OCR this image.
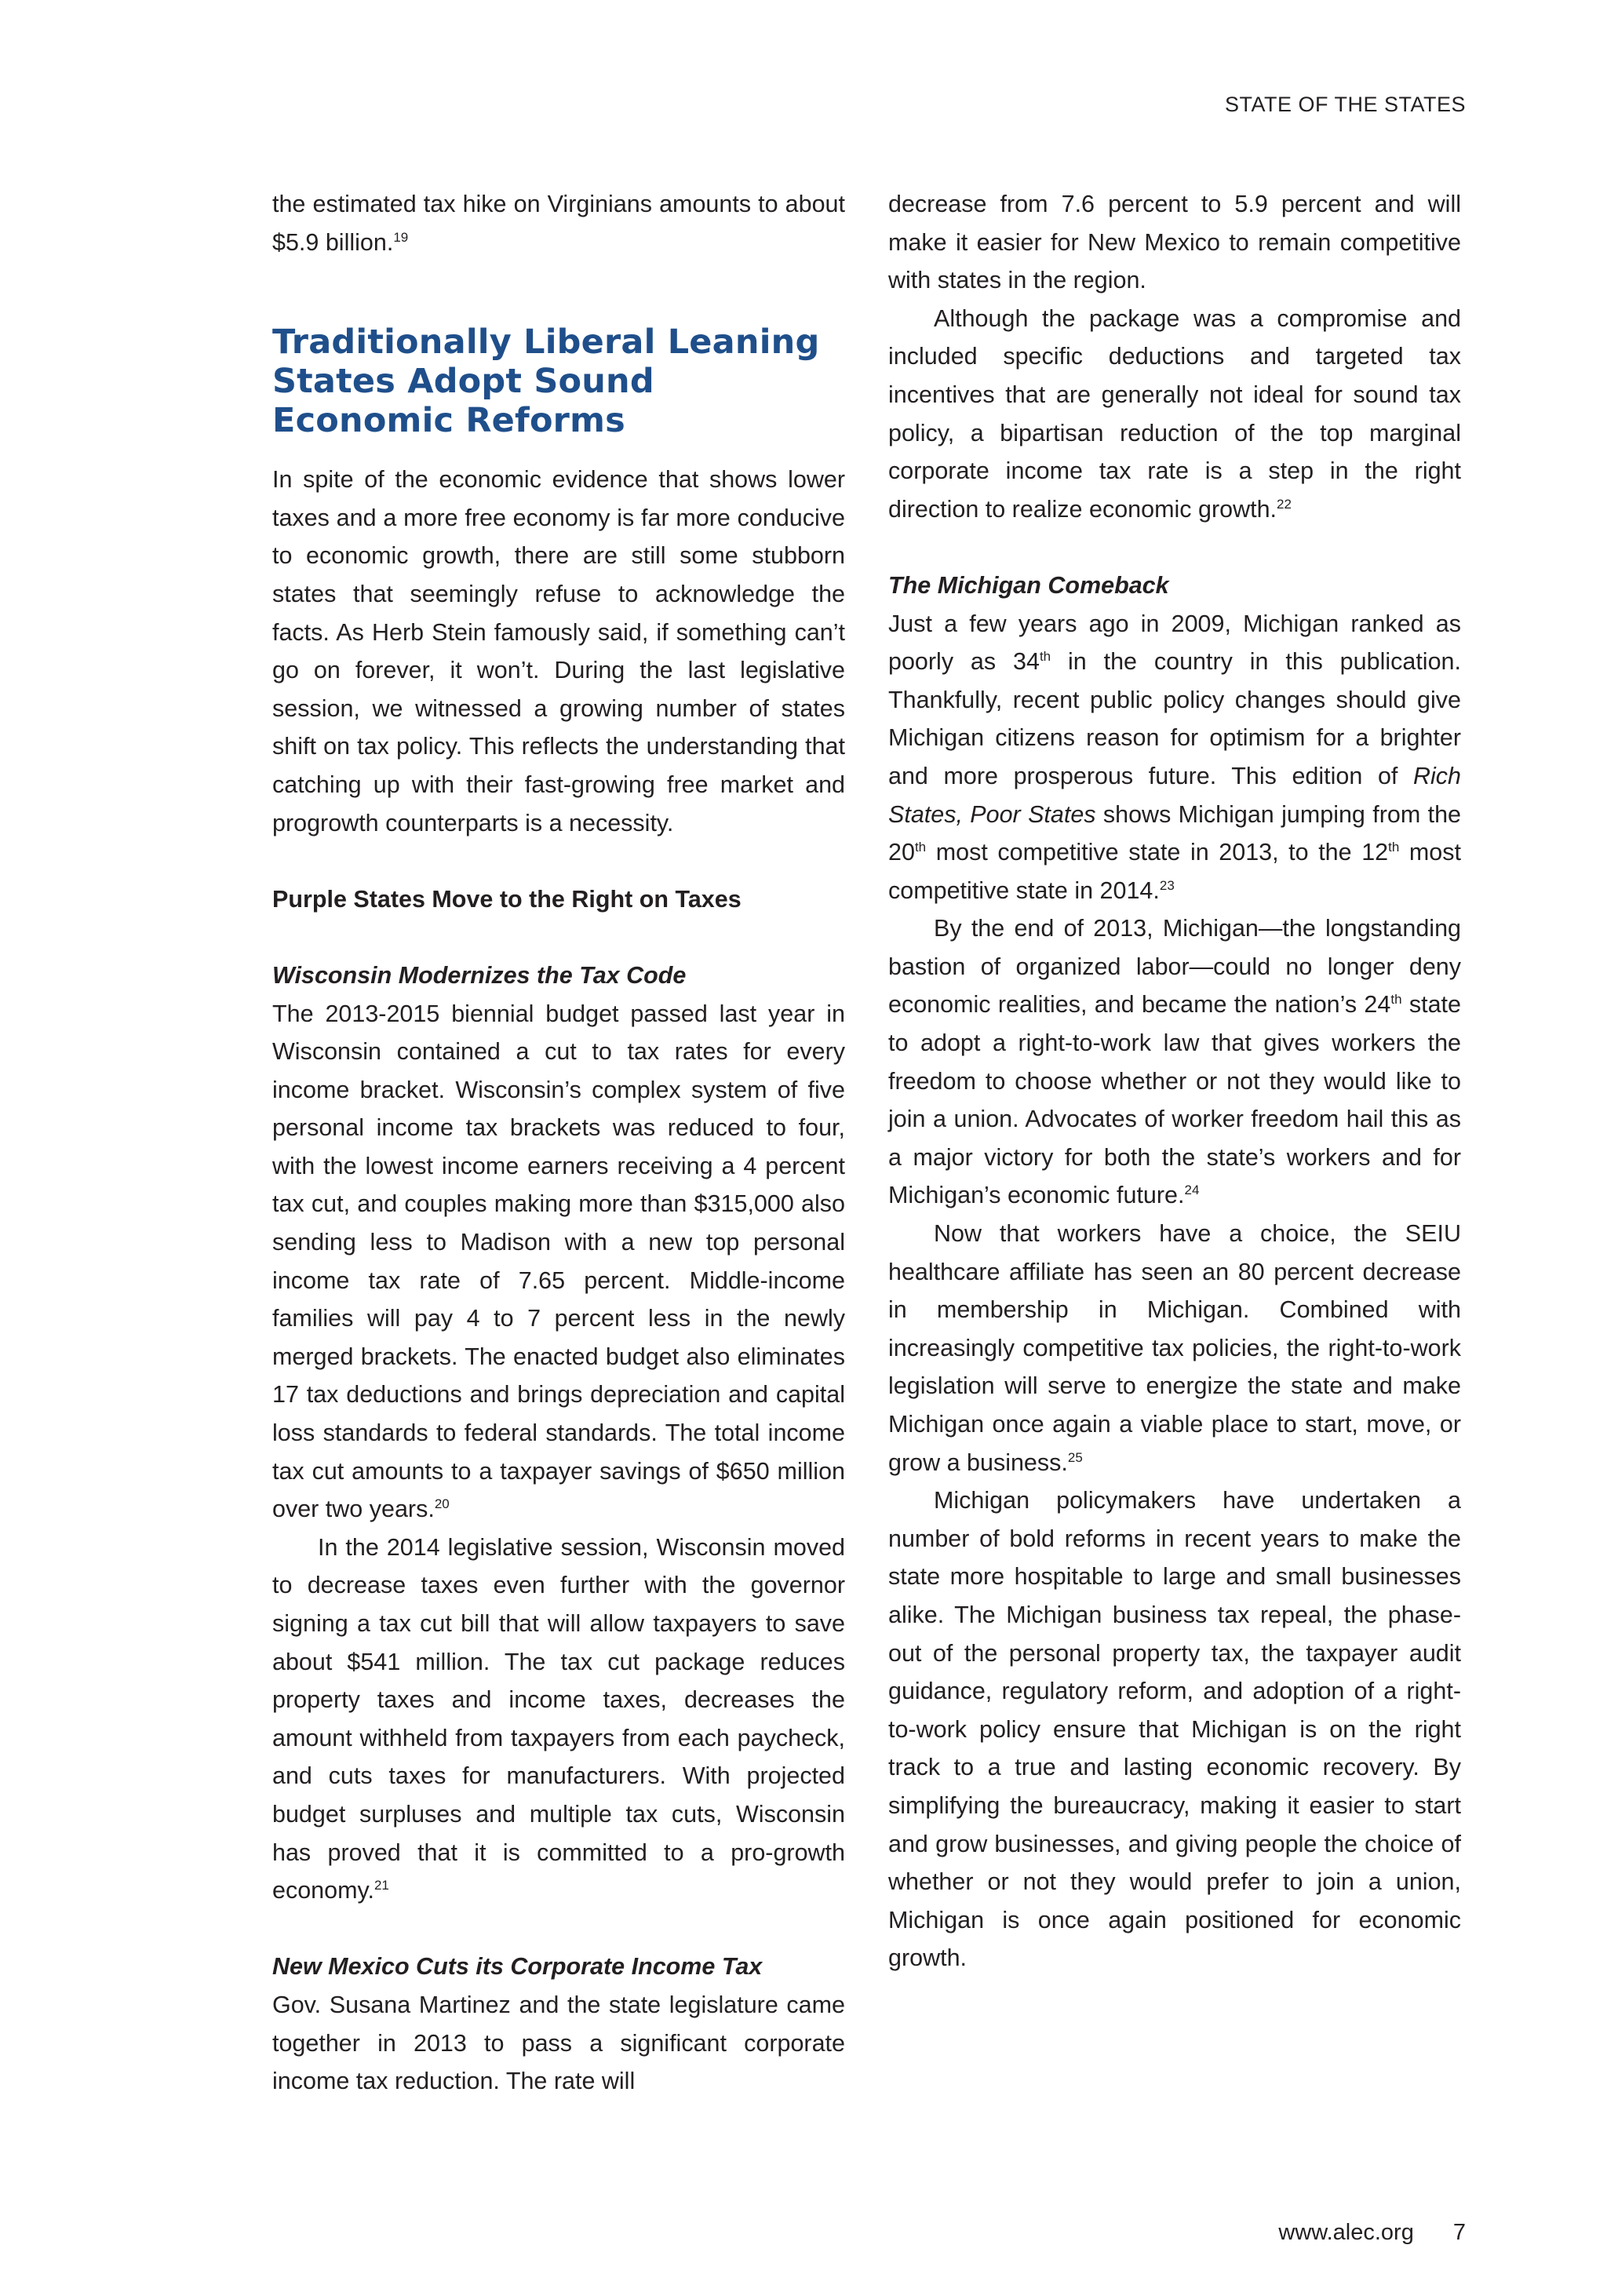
STATE OF THE STATES

the estimated tax hike on Virginians amounts to about $5.9 billion.$^{19}$

Traditionally Liberal Leaning States Adopt Sound Economic Reforms

In spite of the economic evidence that shows lower taxes and a more free economy is far more conducive to economic growth, there are still some stubborn states that seemingly refuse to acknowledge the facts. As Herb Stein famously said, if something can’t go on forever, it won’t. During the last legislative session, we witnessed a growing number of states shift on tax policy. This reflects the understanding that catching up with their fast-growing free market and progrowth counterparts is a necessity.

Purple States Move to the Right on Taxes

Wisconsin Modernizes the Tax Code

The 2013-2015 biennial budget passed last year in Wisconsin contained a cut to tax rates for every income bracket. Wisconsin’s complex system of five personal income tax brackets was reduced to four, with the lowest income earners receiving a 4 percent tax cut, and couples making more than $315,000 also sending less to Madison with a new top personal income tax rate of 7.65 percent. Middle-income families will pay 4 to 7 percent less in the newly merged brackets. The enacted budget also eliminates 17 tax deductions and brings depreciation and capital loss standards to federal standards. The total income tax cut amounts to a taxpayer savings of $650 million over two years.$^{20}$

In the 2014 legislative session, Wisconsin moved to decrease taxes even further with the governor signing a tax cut bill that will allow taxpayers to save about $541 million. The tax cut package reduces property taxes and income taxes, decreases the amount withheld from taxpayers from each paycheck, and cuts taxes for manufacturers. With projected budget surpluses and multiple tax cuts, Wisconsin has proved that it is committed to a pro-growth economy.$^{21}$

New Mexico Cuts its Corporate Income Tax

Gov. Susana Martinez and the state legislature came together in 2013 to pass a significant corporate income tax reduction. The rate will

decrease from 7.6 percent to 5.9 percent and will make it easier for New Mexico to remain competitive with states in the region.

Although the package was a compromise and included specific deductions and targeted tax incentives that are generally not ideal for sound tax policy, a bipartisan reduction of the top marginal corporate income tax rate is a step in the right direction to realize economic growth.$^{22}$

The Michigan Comeback

Just a few years ago in 2009, Michigan ranked as poorly as 34th in the country in this publication. Thankfully, recent public policy changes should give Michigan citizens reason for optimism for a brighter and more prosperous future. This edition of Rich States, Poor States shows Michigan jumping from the 20th most competitive state in 2013, to the 12th most competitive state in 2014.23

By the end of 2013, Michigan—the longstanding bastion of organized labor—could no longer deny economic realities, and became the nation’s 24th state to adopt a right-to-work law that gives workers the freedom to choose whether or not they would like to join a union. Advocates of worker freedom hail this as a major victory for both the state’s workers and for Michigan’s economic future.$^{24}$

Now that workers have a choice, the SEIU healthcare affiliate has seen an 80 percent decrease in membership in Michigan. Combined with increasingly competitive tax policies, the right-to-work legislation will serve to energize the state and make Michigan once again a viable place to start, move, or grow a business.$^{25}$

Michigan policymakers have undertaken a number of bold reforms in recent years to make the state more hospitable to large and small businesses alike. The Michigan business tax repeal, the phase-out of the personal property tax, the taxpayer audit guidance, regulatory reform, and adoption of a right-to-work policy ensure that Michigan is on the right track to a true and lasting economic recovery. By simplifying the bureaucracy, making it easier to start and grow businesses, and giving people the choice of whether or not they would prefer to join a union, Michigan is once again positioned for economic growth.

www.alec.org 7
